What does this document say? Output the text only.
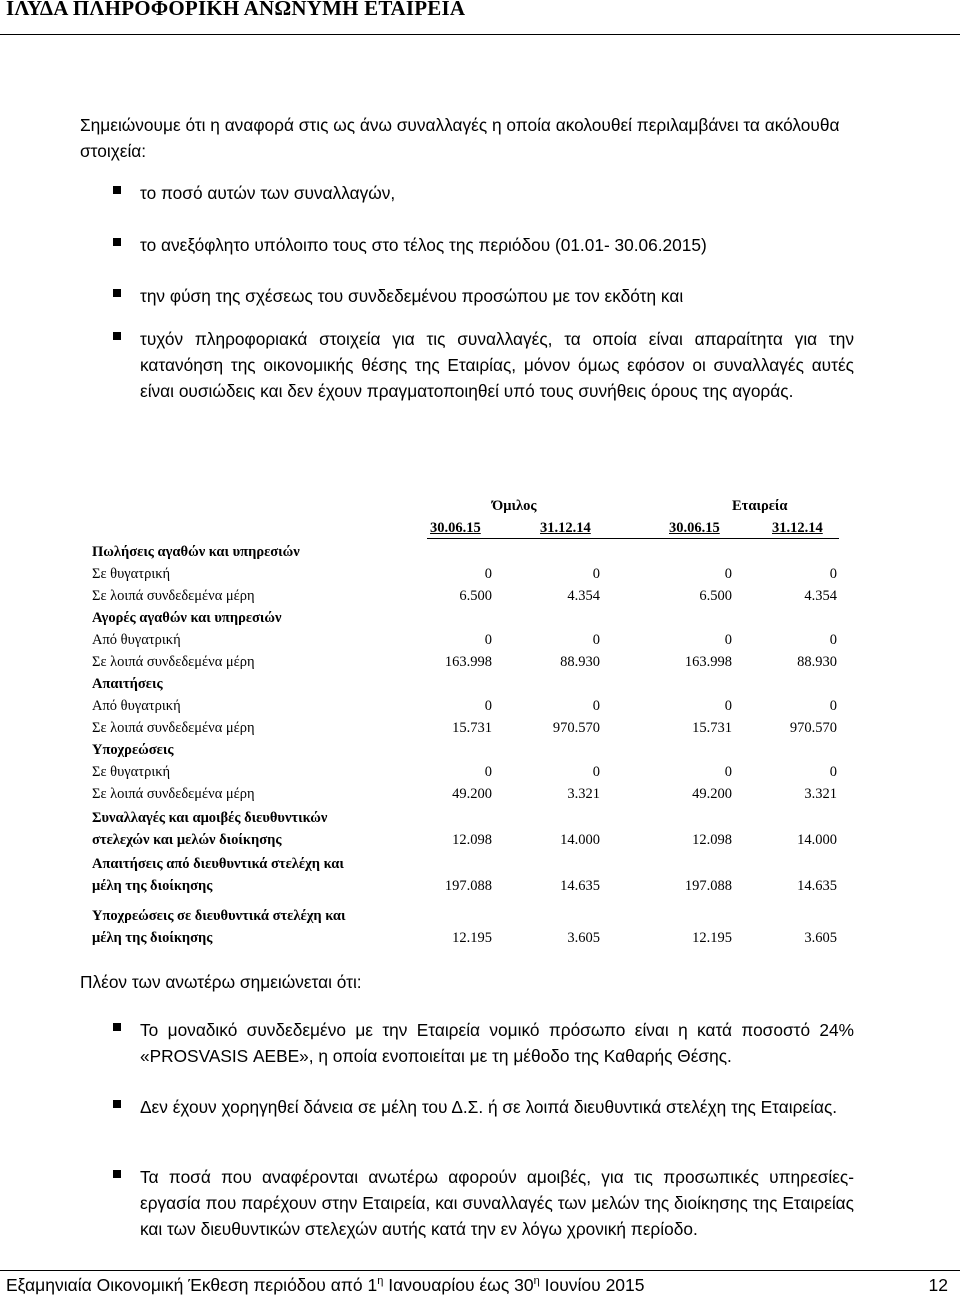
ΙΛΥΔΑ ΠΛΗΡΟΦΟΡΙΚΗ ΑΝΩΝΥΜΗ ΕΤΑΙΡΕΙΑ
Σημειώνουμε ότι η αναφορά στις ως άνω συναλλαγές η οποία ακολουθεί περιλαμβάνει τα ακόλουθα στοιχεία:
το ποσό αυτών των συναλλαγών,
το ανεξόφλητο υπόλοιπο τους στο τέλος της περιόδου (01.01- 30.06.2015)
την φύση της σχέσεως του συνδεδεμένου προσώπου με τον εκδότη και
τυχόν πληροφοριακά στοιχεία για τις συναλλαγές, τα οποία είναι απαραίτητα για την κατανόηση της οικονομικής θέσης της Εταιρίας, μόνον όμως εφόσον οι συναλλαγές αυτές είναι ουσιώδεις και δεν έχουν πραγματοποιηθεί υπό τους συνήθεις όρους της αγοράς.
Όμιλος	Εταιρεία
30.06.15	31.12.14	30.06.15	31.12.14
Πωλήσεις αγαθών και υπηρεσιών
Σε θυγατρική	0	0	0	0
Σε λοιπά συνδεδεμένα μέρη	6.500	4.354	6.500	4.354
Αγορές αγαθών και υπηρεσιών
Από θυγατρική	0	0	0	0
Σε λοιπά συνδεδεμένα μέρη	163.998	88.930	163.998	88.930
Απαιτήσεις
Από θυγατρική	0	0	0	0
Σε λοιπά συνδεδεμένα μέρη	15.731	970.570	15.731	970.570
Υποχρεώσεις
Σε θυγατρική	0	0	0	0
Σε λοιπά συνδεδεμένα μέρη	49.200	3.321	49.200	3.321
Συναλλαγές και αμοιβές διευθυντικών
στελεχών και μελών διοίκησης	12.098	14.000	12.098	14.000
Απαιτήσεις από διευθυντικά στελέχη και
μέλη της διοίκησης	197.088	14.635	197.088	14.635
Υποχρεώσεις σε διευθυντικά στελέχη και
μέλη της διοίκησης	12.195	3.605	12.195	3.605
Πλέον των ανωτέρω σημειώνεται ότι:
Το μοναδικό συνδεδεμένο με την Εταιρεία νομικό πρόσωπο είναι η κατά ποσοστό 24% «PROSVASIS ΑΕΒΕ», η οποία ενοποιείται με τη μέθοδο της Καθαρής Θέσης.
Δεν έχουν χορηγηθεί δάνεια σε μέλη του Δ.Σ. ή σε λοιπά διευθυντικά στελέχη της Εταιρείας.
Τα ποσά που αναφέρονται ανωτέρω αφορούν αμοιβές, για τις προσωπικές υπηρεσίες-εργασία που παρέχουν στην Εταιρεία, και συναλλαγές των μελών της διοίκησης της Εταιρείας και των διευθυντικών στελεχών αυτής κατά την εν λόγω χρονική περίοδο.
Εξαμηνιαία Οικονομική Έκθεση περιόδου από $1^\eta$ Ιανουαρίου έως $30^\eta$ Ιουνίου 2015	12
